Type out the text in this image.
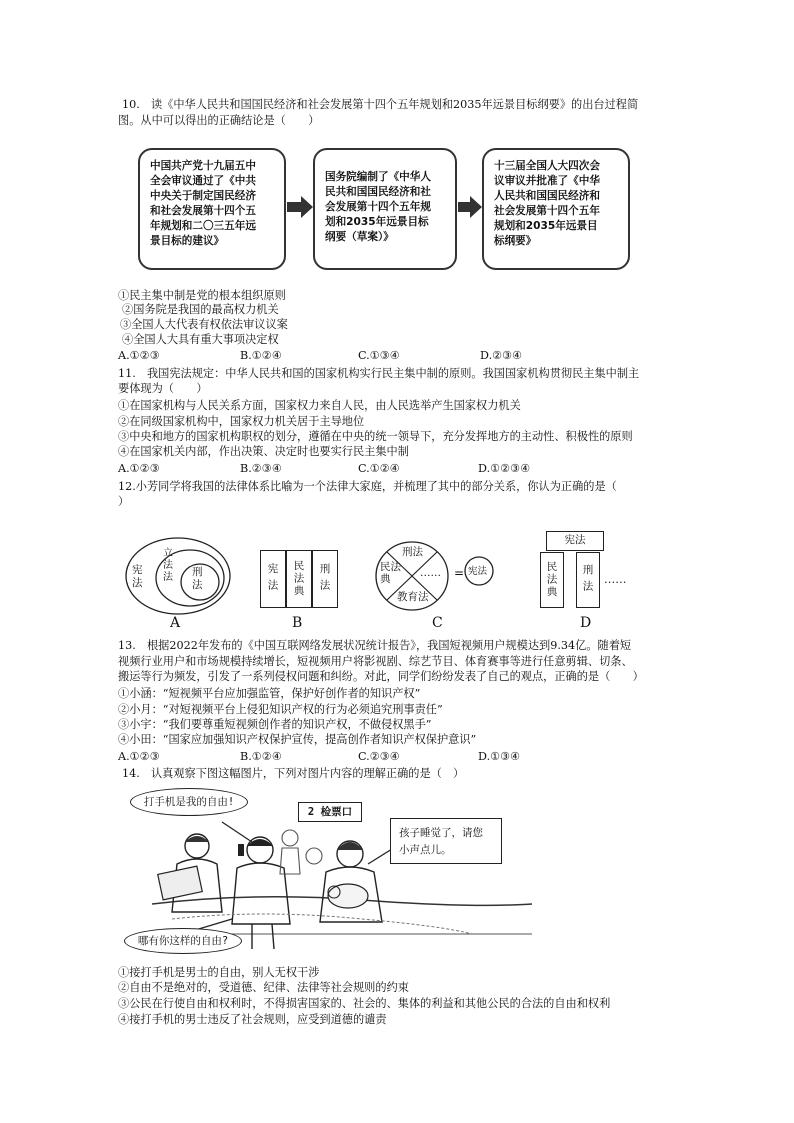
10.　读《中华人民共和国国民经济和社会发展第十四个五年规划和2035年远景目标纲要》的出台过程简
图。从中可以得出的正确结论是（　　）
中国共产党十九届五中
全会审议通过了《中共
中央关于制定国民经济
和社会发展第十四个五
年规划和二〇三五年远
景目标的建议》
国务院编制了《中华人
民共和国国民经济和社
会发展第十四个五年规
划和2035年远景目标
纲要（草案）》
十三届全国人大四次会
议审议并批准了《中华
人民共和国国民经济和
社会发展第十四个五年
规划和2035年远景目
标纲要》
①民主集中制是党的根本组织原则
②国务院是我国的最高权力机关
③全国人大代表有权依法审议议案
④全国人大具有重大事项决定权
A.①②③	B.①②④	C.①③④	D.②③④
11.　我国宪法规定：中华人民共和国的国家机构实行民主集中制的原则。我国国家机构贯彻民主集中制主
要体现为（　　）
①在国家机构与人民关系方面，国家权力来自人民，由人民选举产生国家权力机关
②在同级国家机构中，国家权力机关居于主导地位
③中央和地方的国家机构职权的划分，遵循在中央的统一领导下，充分发挥地方的主动性、积极性的原则
④在国家机关内部，作出决策、决定时也要实行民主集中制
A.①②③	B.②③④	C.①②④	D.①②③④
12.小芳同学将我国的法律体系比喻为一个法律大家庭，并梳理了其中的部分关系，你认为正确的是（
）
宪法
立法法 刑法
A
宪法	民法典	刑法
B
刑法
民法典	……
教育法
= 宪法
C
宪法
民法典	刑法 ……
D
13.　根据2022年发布的《中国互联网络发展状况统计报告》，我国短视频用户规模达到9.34亿。随着短
视频行业用户和市场规模持续增长，短视频用户将影视剧、综艺节目、体育赛事等进行任意剪辑、切条、
搬运等行为频发，引发了一系列侵权问题和纠纷。对此，同学们纷纷发表了自己的观点，正确的是（　　）
①小涵：“短视频平台应加强监管，保护好创作者的知识产权”
②小月：“对短视频平台上侵犯知识产权的行为必须追究刑事责任”
③小宇：“我们要尊重短视频创作者的知识产权，不做侵权黑手”
④小田：“国家应加强知识产权保护宣传，提高创作者知识产权保护意识”
A.①②③	B.①②④	C.②③④	D.①③④
14.　认真观察下图这幅图片，下列对图片内容的理解正确的是（　）
打手机是我的自由!
2 检票口
孩子睡觉了，请您
小声点儿。
哪有你这样的自由?
①接打手机是男士的自由，别人无权干涉
②自由不是绝对的，受道德、纪律、法律等社会规则的约束
③公民在行使自由和权利时，不得损害国家的、社会的、集体的利益和其他公民的合法的自由和权利
④接打手机的男士违反了社会规则，应受到道德的谴责
